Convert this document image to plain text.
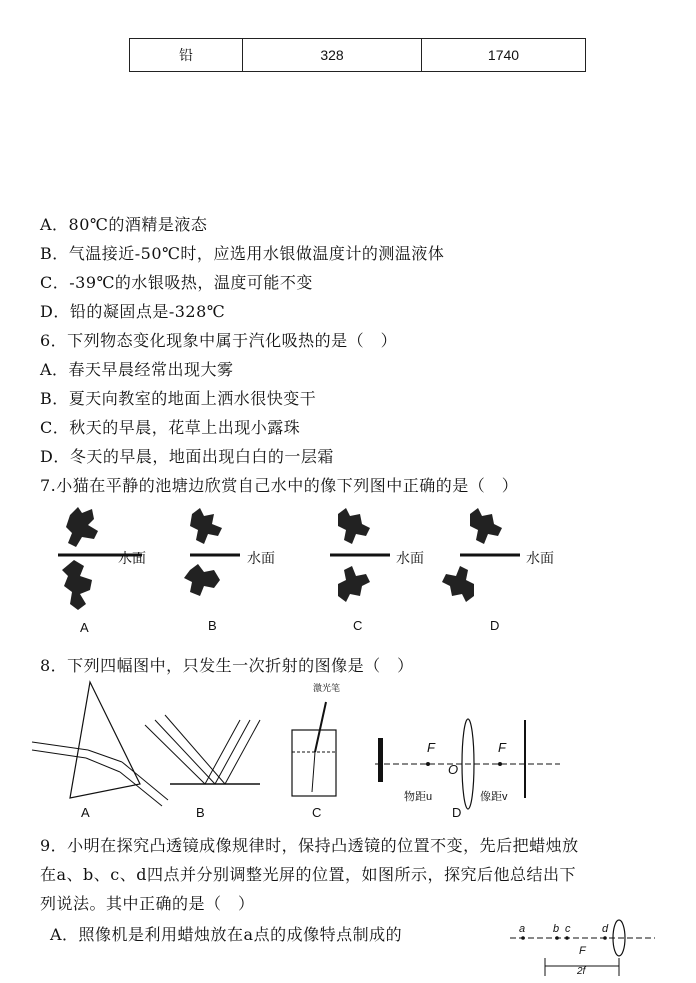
铅	328	1740
A．80℃的酒精是液态
B．气温接近-50℃时，应选用水银做温度计的测温液体
C．-39℃的水银吸热，温度可能不变
D．铅的凝固点是-328℃
6．下列物态变化现象中属于汽化吸热的是（　）
A．春天早晨经常出现大雾
B．夏天向教室的地面上洒水很快变干
C．秋天的早晨，花草上出现小露珠
D．冬天的早晨，地面出现白白的一层霜
7.小猫在平静的池塘边欣赏自己水中的像下列图中正确的是（　）
水面	水面	水面	水面
A	B	C	D
8．下列四幅图中，只发生一次折射的图像是（　）
激光笔
F	F
O
物距u	像距v
A	B	C	D
9．小明在探究凸透镜成像规律时，保持凸透镜的位置不变，先后把蜡烛放
在a、b、c、d四点并分别调整光屏的位置，如图所示，探究后他总结出下
列说法。其中正确的是（　）
A．照像机是利用蜡烛放在a点的成像特点制成的	a	b c	d
F
2f
